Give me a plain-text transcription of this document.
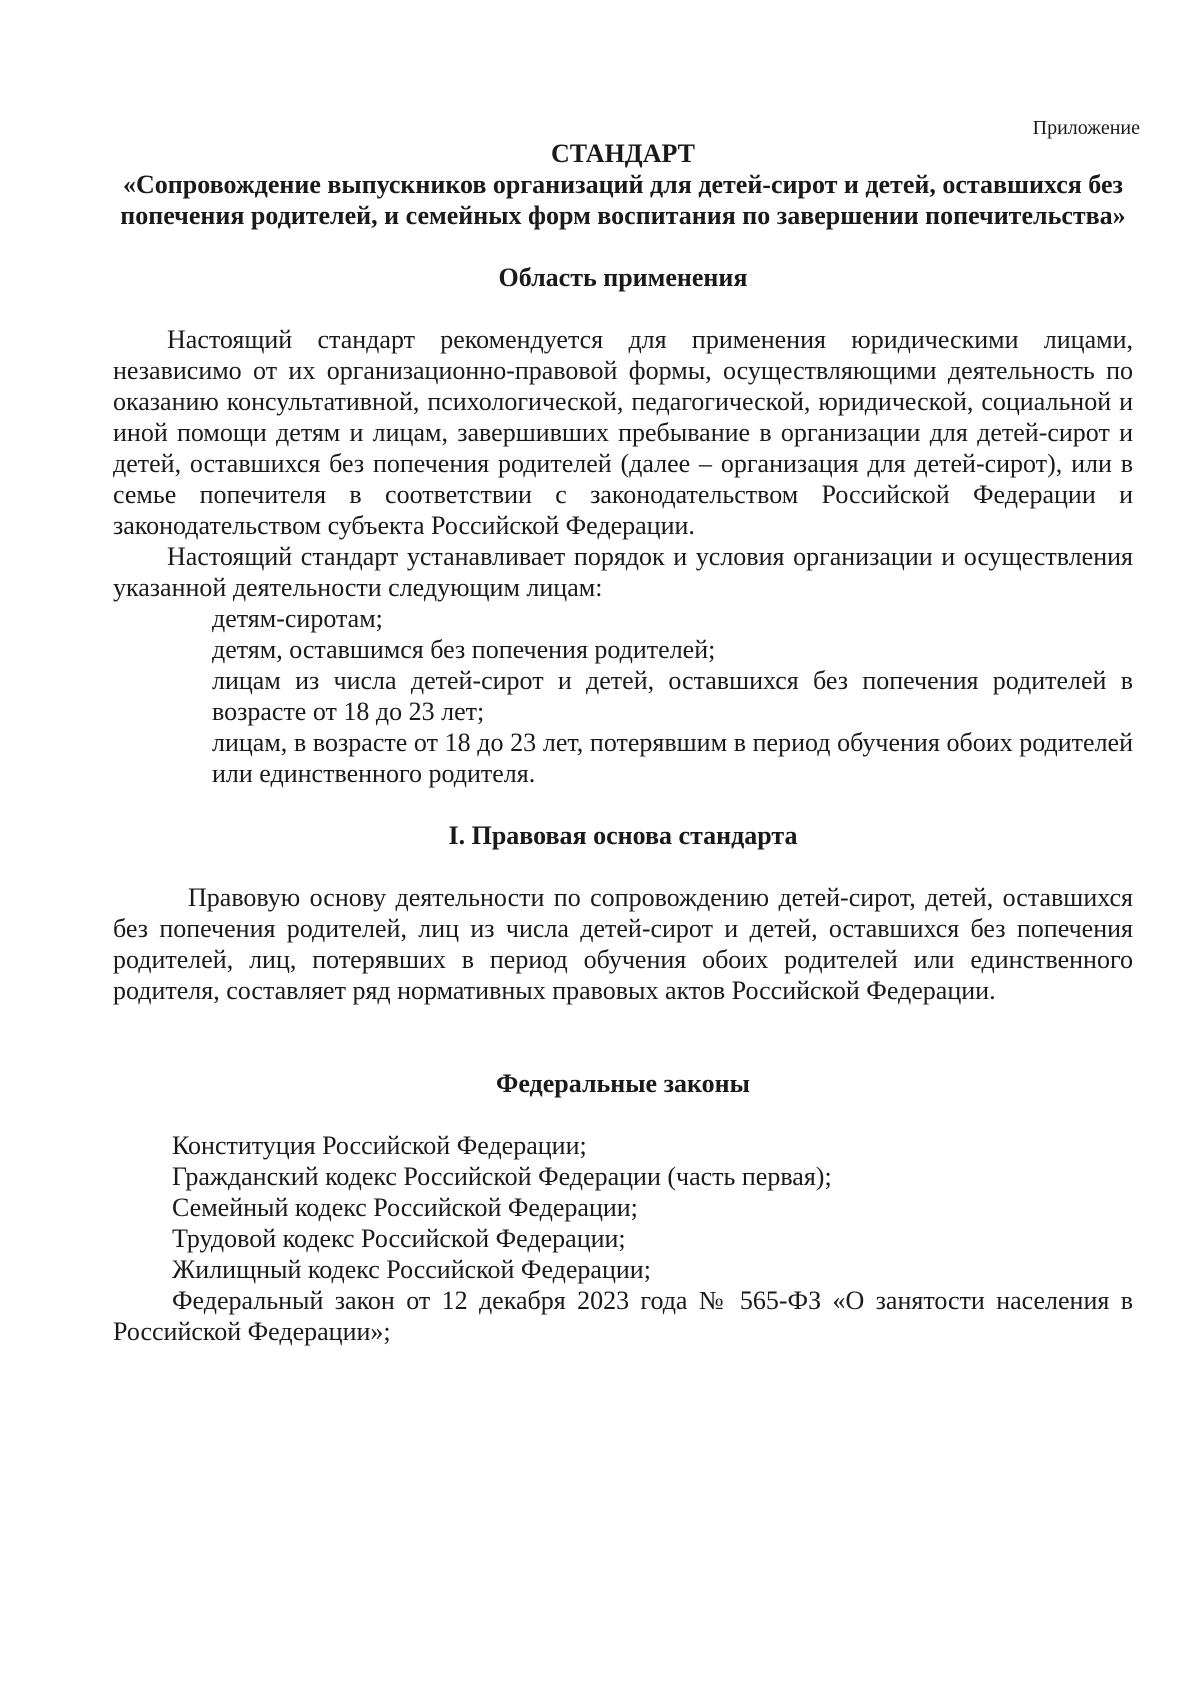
Приложение

СТАНДАРТ

«Сопровождение выпускников организаций для детей-сирот и детей, оставшихся без попечения родителей, и семейных форм воспитания по завершении попечительства»

Область применения

Настоящий стандарт рекомендуется для применения юридическими лицами, независимо от их организационно-правовой формы, осуществляющими деятельность по оказанию консультативной, психологической, педагогической, юридической, социальной и иной помощи детям и лицам, завершивших пребывание в организации для детей-сирот и детей, оставшихся без попечения родителей (далее – организация для детей-сирот), или в семье попечителя в соответствии с законодательством Российской Федерации и законодательством субъекта Российской Федерации.

Настоящий стандарт устанавливает порядок и условия организации и осуществления указанной деятельности следующим лицам:

детям-сиротам;
детям, оставшимся без попечения родителей;
лицам из числа детей-сирот и детей, оставшихся без попечения родителей в возрасте от 18 до 23 лет;
лицам, в возрасте от 18 до 23 лет, потерявшим в период обучения обоих родителей или единственного родителя.

I. Правовая основа стандарта

Правовую основу деятельности по сопровождению детей-сирот, детей, оставшихся без попечения родителей, лиц из числа детей-сирот и детей, оставшихся без попечения родителей, лиц, потерявших в период обучения обоих родителей или единственного родителя, составляет ряд нормативных правовых актов Российской Федерации.

Федеральные законы

Конституция Российской Федерации;
Гражданский кодекс Российской Федерации (часть первая);
Семейный кодекс Российской Федерации;
Трудовой кодекс Российской Федерации;
Жилищный кодекс Российской Федерации;
Федеральный закон от 12 декабря 2023 года № 565-ФЗ «О занятости населения в Российской Федерации»;
